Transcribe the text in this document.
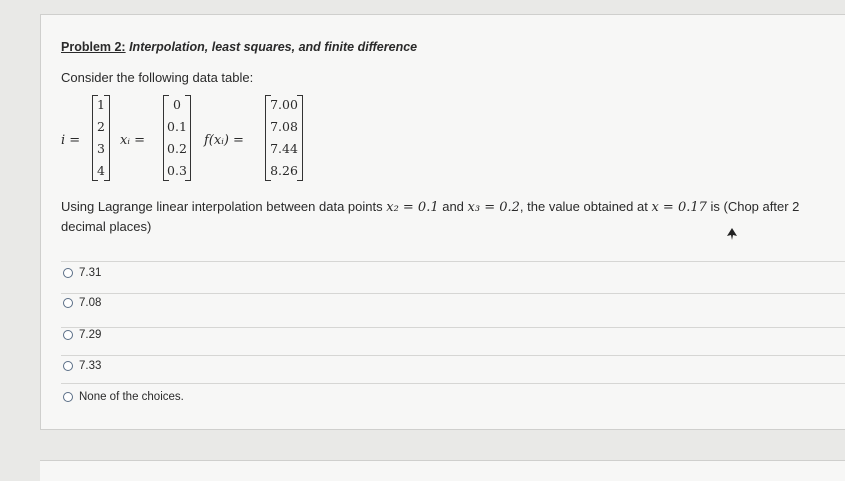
Problem 2: Interpolation, least squares, and finite difference
Consider the following data table:
i =
1
2
3
4
xᵢ =
0
0.1
0.2
0.3
f(xᵢ) =
7.00
7.08
7.44
8.26
Using Lagrange linear interpolation between data points x₂ = 0.1 and x₃ = 0.2, the value obtained at x = 0.17 is (Chop after 2 decimal places)
7.31
7.08
7.29
7.33
None of the choices.
